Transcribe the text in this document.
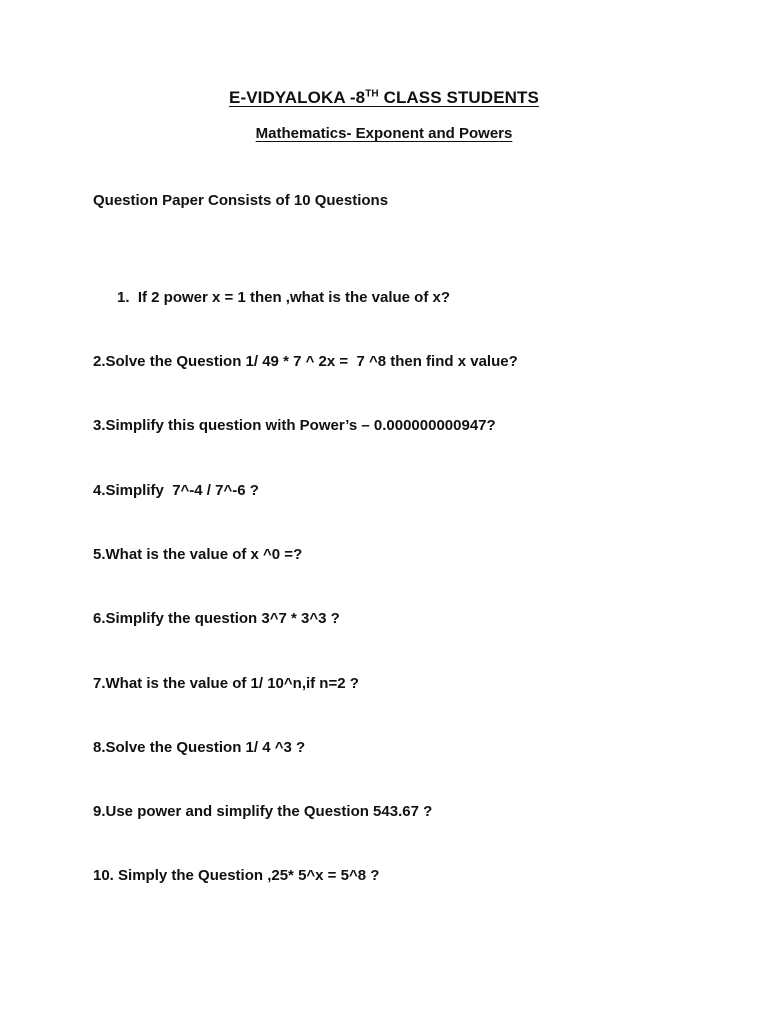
E-VIDYALOKA -8TH CLASS STUDENTS
Mathematics- Exponent and Powers
Question Paper Consists of 10 Questions
1.  If 2 power x = 1 then ,what is the value of x?
2.Solve the Question 1/ 49 * 7 ^ 2x =  7 ^8 then find x value?
3.Simplify this question with Power’s – 0.000000000947?
4.Simplify  7^-4 / 7^-6 ?
5.What is the value of x ^0 =?
6.Simplify the question 3^7 * 3^3 ?
7.What is the value of 1/ 10^n,if n=2 ?
8.Solve the Question 1/ 4 ^3 ?
9.Use power and simplify the Question 543.67 ?
10. Simply the Question ,25* 5^x = 5^8 ?
